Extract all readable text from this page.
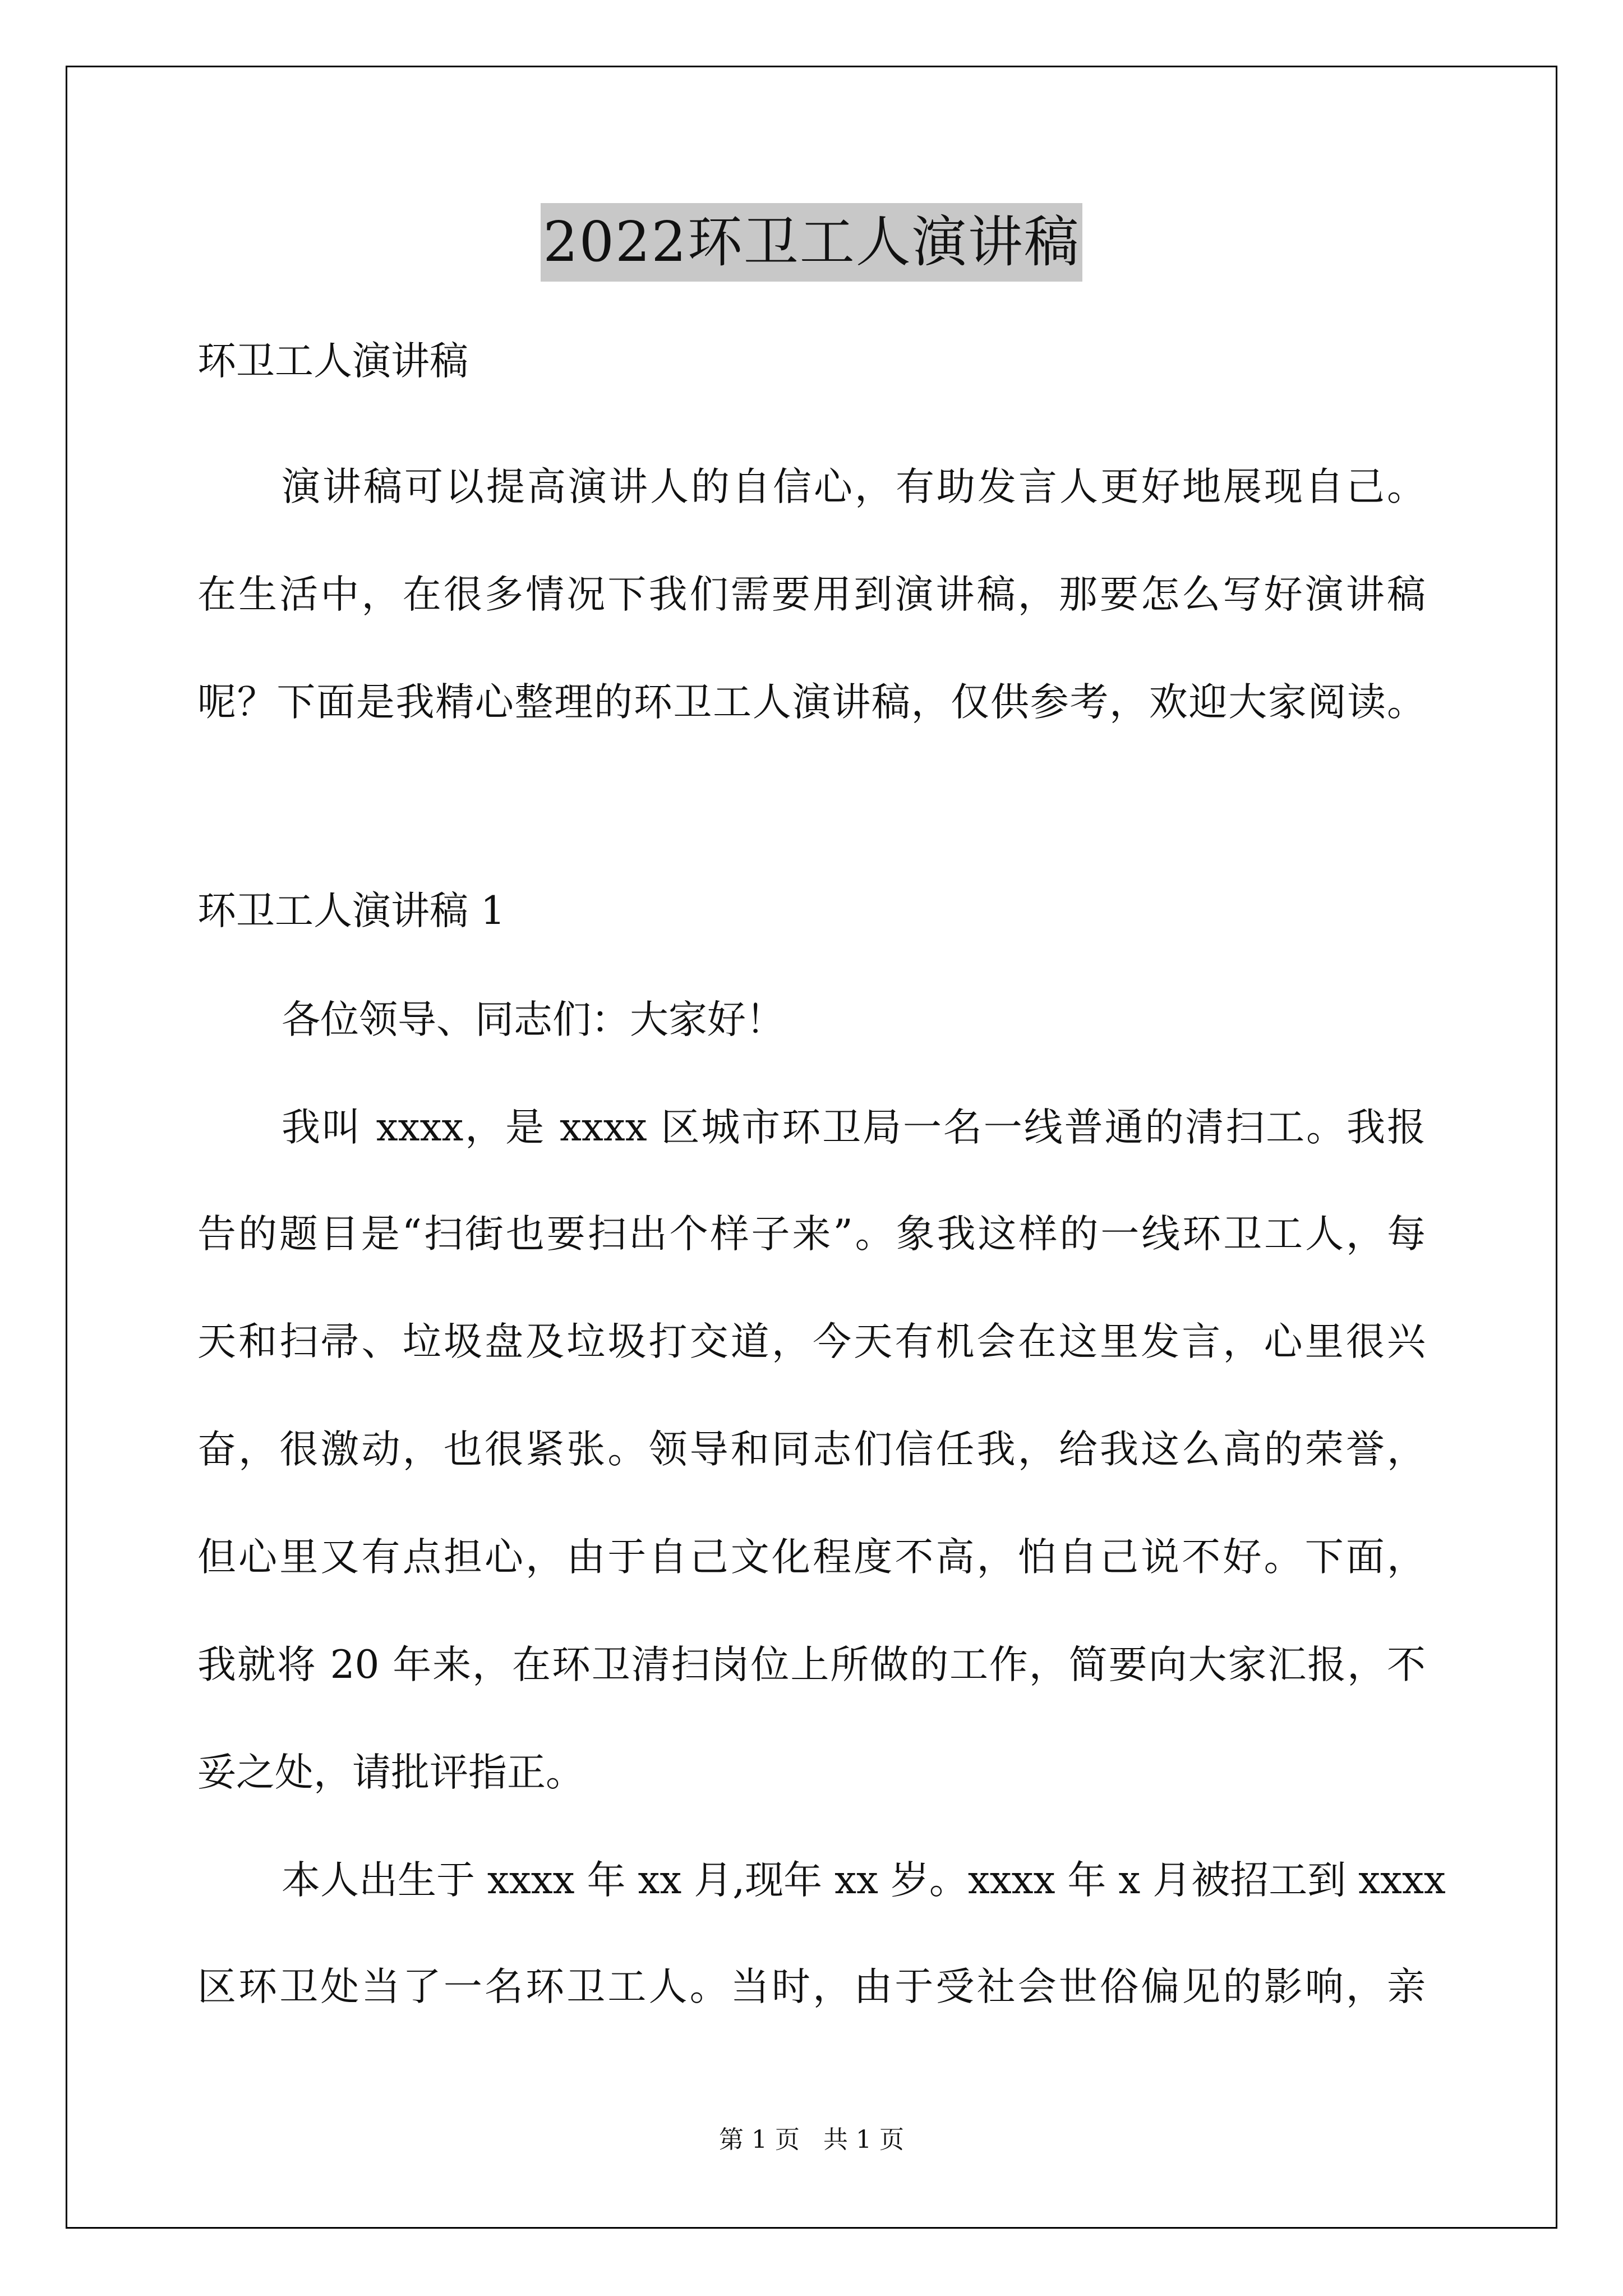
2022环卫工人演讲稿
环卫工人演讲稿
演讲稿可以提高演讲人的自信心，有助发言人更好地展现自己。
在生活中，在很多情况下我们需要用到演讲稿，那要怎么写好演讲稿
呢？下面是我精心整理的环卫工人演讲稿，仅供参考，欢迎大家阅读。
环卫工人演讲稿 1
各位领导、同志们：大家好！
我叫 xxxx，是 xxxx 区城市环卫局一名一线普通的清扫工。我报
告的题目是“扫街也要扫出个样子来”。象我这样的一线环卫工人，每
天和扫帚、垃圾盘及垃圾打交道，今天有机会在这里发言，心里很兴
奋，很激动，也很紧张。领导和同志们信任我，给我这么高的荣誉，
但心里又有点担心，由于自己文化程度不高，怕自己说不好。下面，
我就将 20 年来，在环卫清扫岗位上所做的工作，简要向大家汇报，不
妥之处，请批评指正。
本人出生于 xxxx 年 xx 月,现年 xx 岁。xxxx 年 x 月被招工到 xxxx
区环卫处当了一名环卫工人。当时，由于受社会世俗偏见的影响，亲
第 1 页 共 1 页
